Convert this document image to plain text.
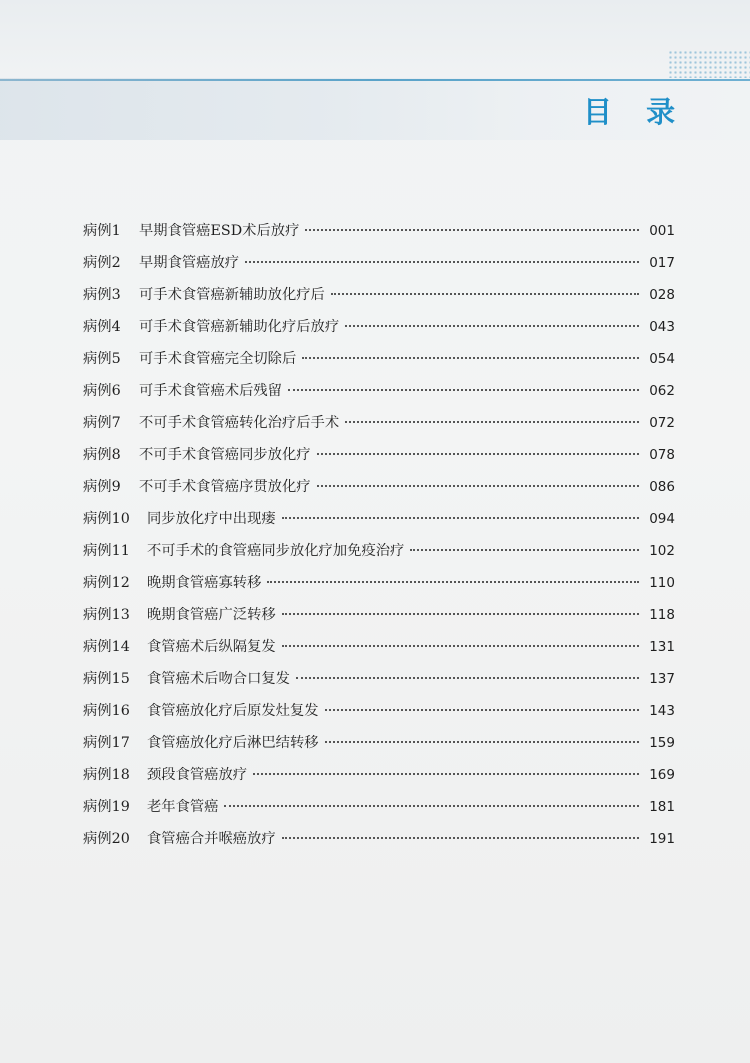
目 录
病例1	早期食管癌ESD术后放疗	001
病例2	早期食管癌放疗	017
病例3	可手术食管癌新辅助放化疗后	028
病例4	可手术食管癌新辅助化疗后放疗	043
病例5	可手术食管癌完全切除后	054
病例6	可手术食管癌术后残留	062
病例7	不可手术食管癌转化治疗后手术	072
病例8	不可手术食管癌同步放化疗	078
病例9	不可手术食管癌序贯放化疗	086
病例10	同步放化疗中出现瘘	094
病例11	不可手术的食管癌同步放化疗加免疫治疗	102
病例12	晚期食管癌寡转移	110
病例13	晚期食管癌广泛转移	118
病例14	食管癌术后纵隔复发	131
病例15	食管癌术后吻合口复发	137
病例16	食管癌放化疗后原发灶复发	143
病例17	食管癌放化疗后淋巴结转移	159
病例18	颈段食管癌放疗	169
病例19	老年食管癌	181
病例20	食管癌合并喉癌放疗	191
